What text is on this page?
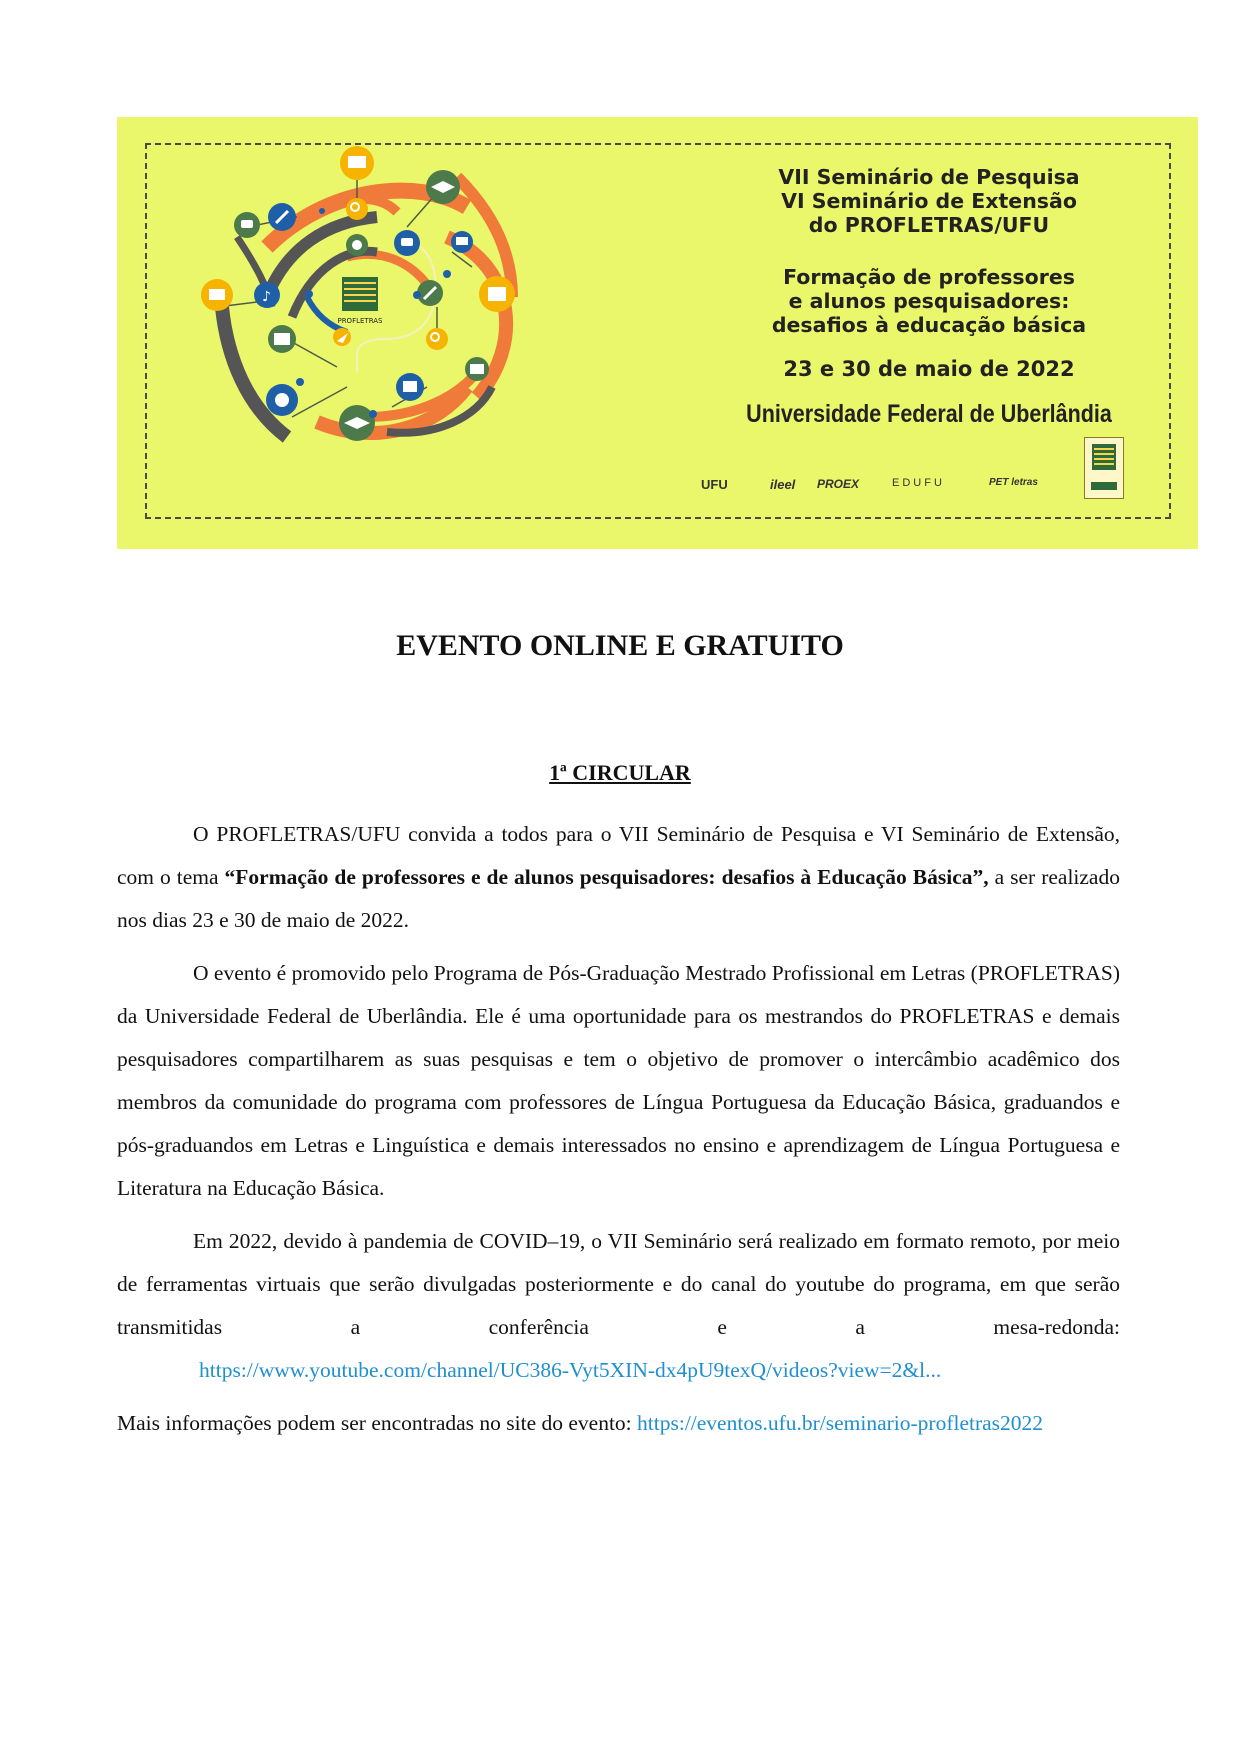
♪
PROFLETRAS

VII Seminário de Pesquisa

VI Seminário de Extensão

do PROFLETRAS/UFU

Formação de professores

e alunos pesquisadores:

desafios à educação básica

23 e 30 de maio de 2022

Universidade Federal de Uberlândia

UFU	ileel PROEX	EDUFU	PET letras
EVENTO ONLINE E GRATUITO
1ª CIRCULAR

O PROFLETRAS/UFU convida a todos para o VII Seminário de Pesquisa e VI Seminário de Extensão, com o tema “Formação de professores e de alunos pesquisadores: desafios à Educação Básica”, a ser realizado nos dias 23 e 30 de maio de 2022.

O evento é promovido pelo Programa de Pós-Graduação Mestrado Profissional em Letras (PROFLETRAS) da Universidade Federal de Uberlândia. Ele é uma oportunidade para os mestrandos do PROFLETRAS e demais pesquisadores compartilharem as suas pesquisas e tem o objetivo de promover o intercâmbio acadêmico dos membros da comunidade do programa com professores de Língua Portuguesa da Educação Básica, graduandos e pós-graduandos em Letras e Linguística e demais interessados no ensino e aprendizagem de Língua Portuguesa e Literatura na Educação Básica.

Em 2022, devido à pandemia de COVID–19, o VII Seminário será realizado em formato remoto, por meio de ferramentas virtuais que serão divulgadas posteriormente e do canal do youtube do programa, em que serão transmitidas a conferência e a mesa-redonda: https://www.youtube.com/channel/UC386-Vyt5XIN-dx4pU9texQ/videos?view=2&l...

Mais informações podem ser encontradas no site do evento: https://eventos.ufu.br/seminario-profletras2022
